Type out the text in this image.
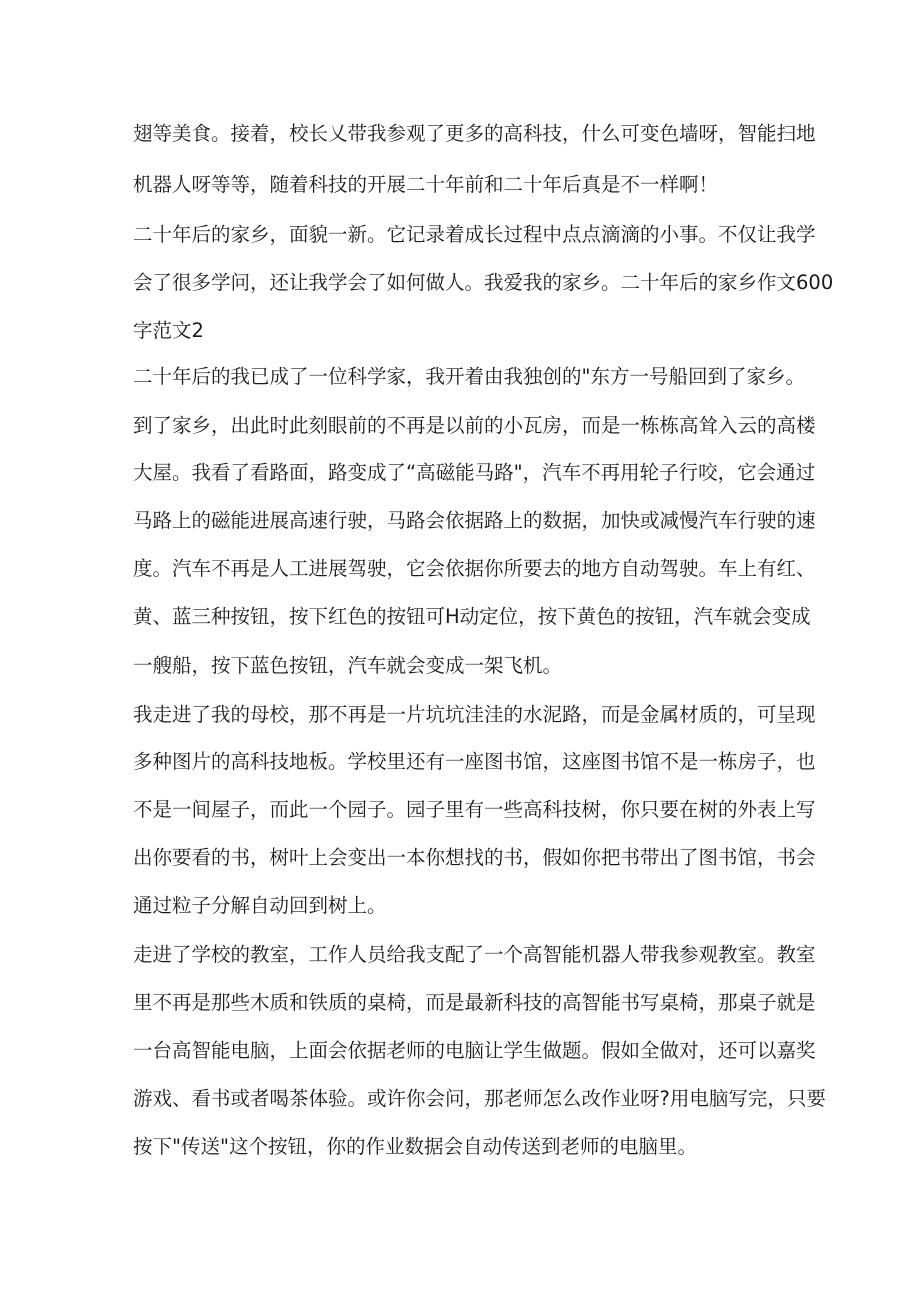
翅等美食。接着，校长乂带我参观了更多的高科技，什么可变色墙呀，智能扫地

机器人呀等等，随着科技的开展二十年前和二十年后真是不一样啊！

二十年后的家乡，面貌一新。它记录着成长过程中点点滴滴的小事。不仅让我学

会了很多学问，还让我学会了如何做人。我爱我的家乡。二十年后的家乡作文600

字范文2

二十年后的我已成了一位科学家，我开着由我独创的"东方一号船回到了家乡。

到了家乡，出此时此刻眼前的不再是以前的小瓦房，而是一栋栋高耸入云的高楼

大屋。我看了看路面，路变成了“高磁能马路"，汽车不再用轮子行咬，它会通过

马路上的磁能进展高速行驶，马路会依据路上的数据，加快或减慢汽车行驶的速

度。汽车不再是人工进展驾驶，它会依据你所要去的地方自动驾驶。车上有红、

黄、蓝三种按钮，按下红色的按钮可H动定位，按下黄色的按钮，汽车就会变成

一艘船，按下蓝色按钮，汽车就会变成一架飞机。

我走进了我的母校，那不再是一片坑坑洼洼的水泥路，而是金属材质的，可呈现

多种图片的高科技地板。学校里还有一座图书馆，这座图书馆不是一栋房子，也

不是一间屋子，而此一个园子。园子里有一些高科技树，你只要在树的外表上写

出你要看的书，树叶上会变出一本你想找的书，假如你把书带出了图书馆，书会

通过粒子分解自动回到树上。

走进了学校的教室，工作人员给我支配了一个高智能机器人带我参观教室。教室

里不再是那些木质和铁质的桌椅，而是最新科技的高智能书写桌椅，那桌子就是

一台高智能电脑，上面会依据老师的电脑让学生做题。假如全做对，还可以嘉奖

游戏、看书或者喝茶体验。或许你会问，那老师怎么改作业呀?用电脑写完，只要

按下"传送"这个按钮，你的作业数据会自动传送到老师的电脑里。
